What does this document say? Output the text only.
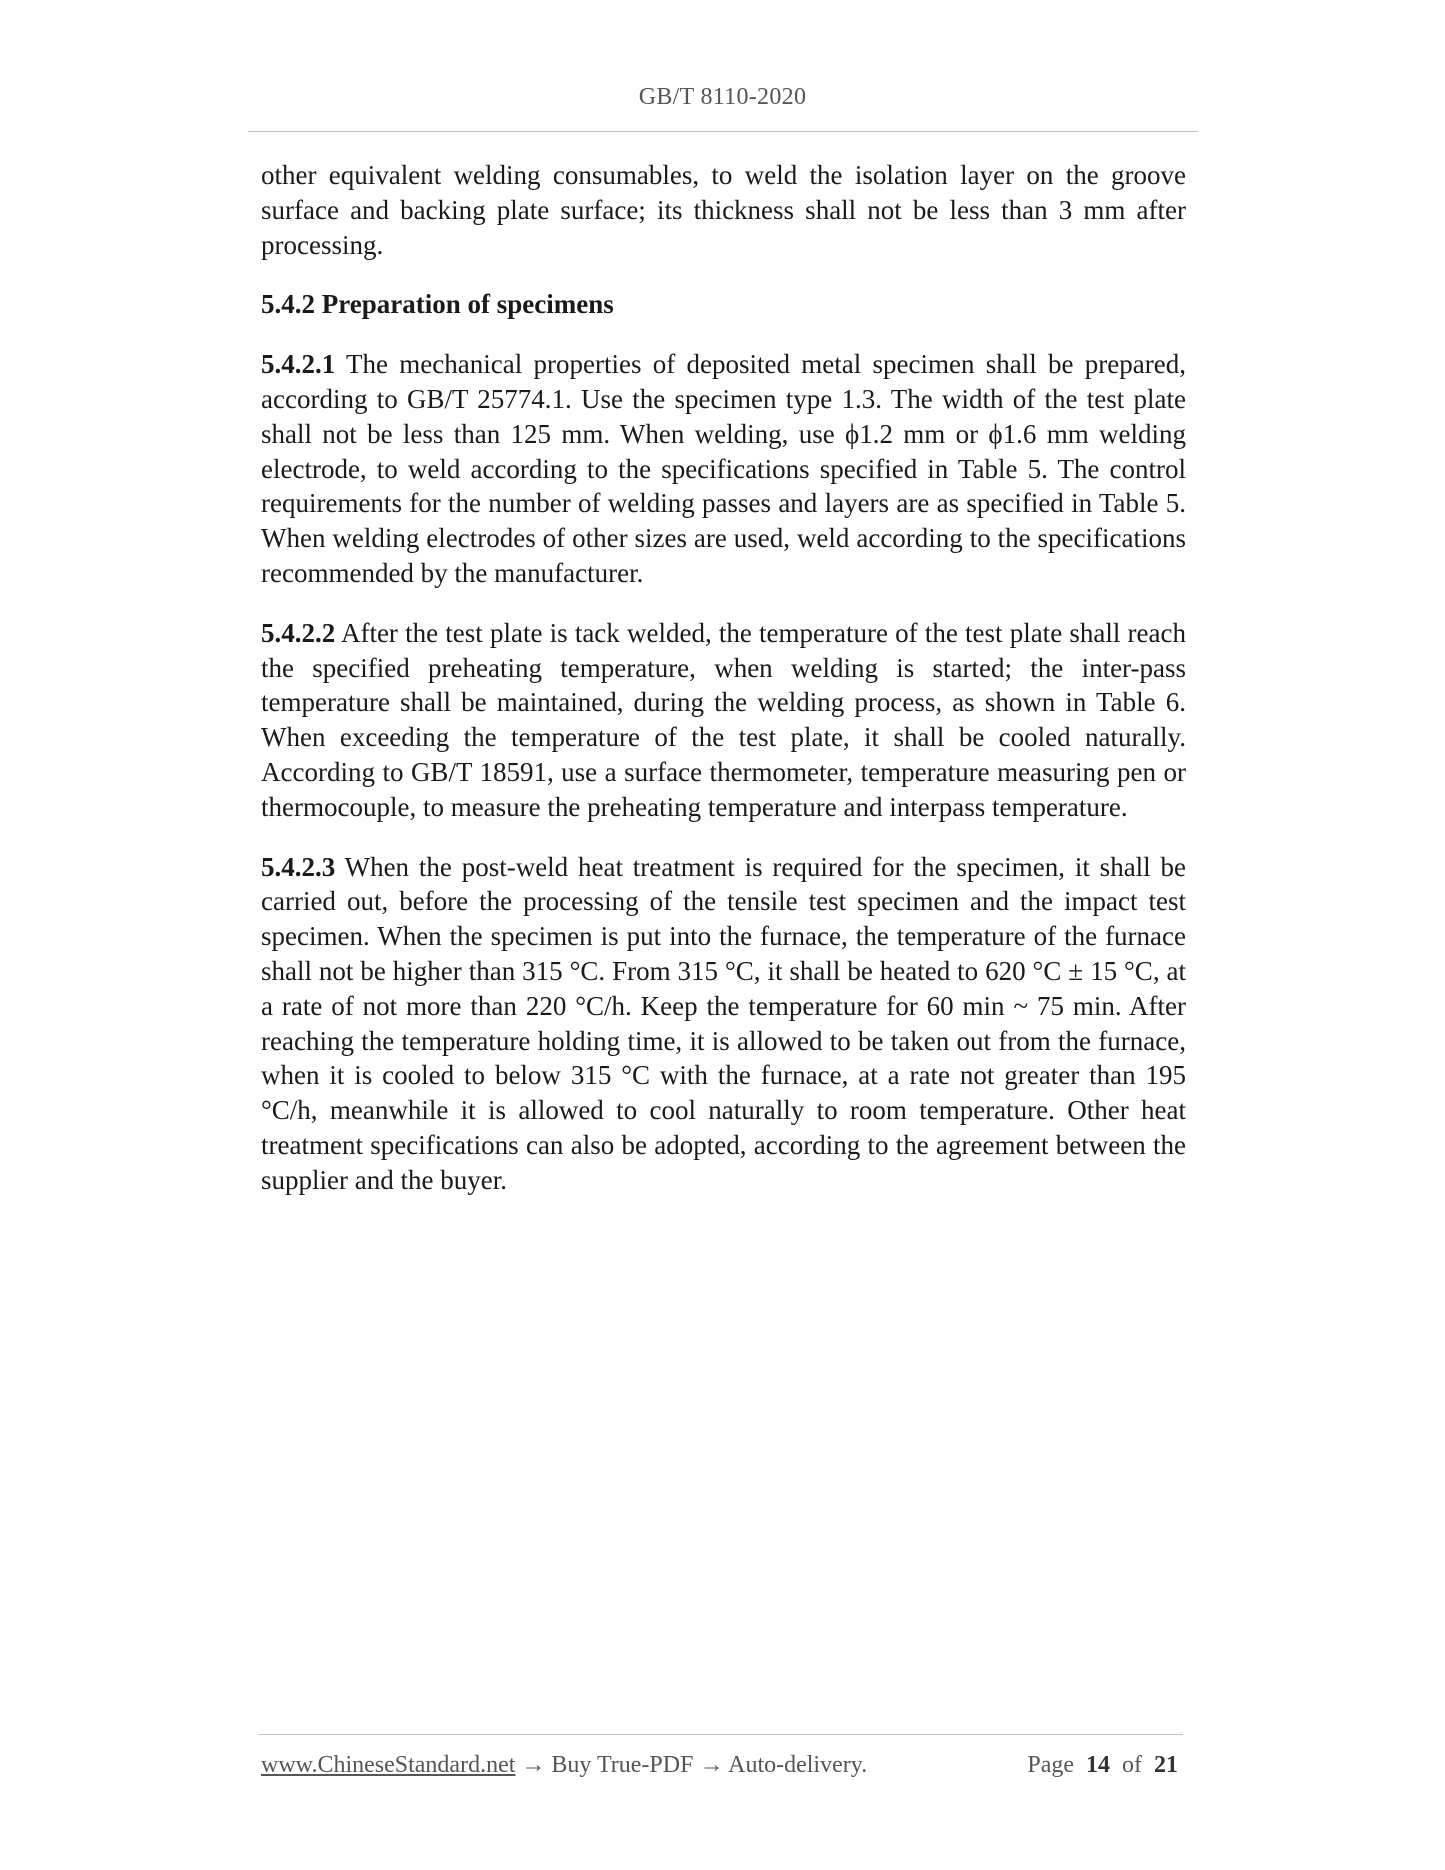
GB/T 8110-2020

other equivalent welding consumables, to weld the isolation layer on the groove surface and backing plate surface; its thickness shall not be less than 3 mm after processing.

5.4.2 Preparation of specimens

5.4.2.1 The mechanical properties of deposited metal specimen shall be prepared, according to GB/T 25774.1. Use the specimen type 1.3. The width of the test plate shall not be less than 125 mm. When welding, use ϕ1.2 mm or ϕ1.6 mm welding electrode, to weld according to the specifications specified in Table 5. The control requirements for the number of welding passes and layers are as specified in Table 5. When welding electrodes of other sizes are used, weld according to the specifications recommended by the manufacturer.

5.4.2.2 After the test plate is tack welded, the temperature of the test plate shall reach the specified preheating temperature, when welding is started; the inter-pass temperature shall be maintained, during the welding process, as shown in Table 6. When exceeding the temperature of the test plate, it shall be cooled naturally. According to GB/T 18591, use a surface thermometer, temperature measuring pen or thermocouple, to measure the preheating temperature and interpass temperature.

5.4.2.3 When the post-weld heat treatment is required for the specimen, it shall be carried out, before the processing of the tensile test specimen and the impact test specimen. When the specimen is put into the furnace, the temperature of the furnace shall not be higher than 315 °C. From 315 °C, it shall be heated to 620 °C ± 15 °C, at a rate of not more than 220 °C/h. Keep the temperature for 60 min ~ 75 min. After reaching the temperature holding time, it is allowed to be taken out from the furnace, when it is cooled to below 315 °C with the furnace, at a rate not greater than 195 °C/h, meanwhile it is allowed to cool naturally to room temperature. Other heat treatment specifications can also be adopted, according to the agreement between the supplier and the buyer.

www.ChineseStandard.net → Buy True-PDF → Auto-delivery.	Page 14 of 21
